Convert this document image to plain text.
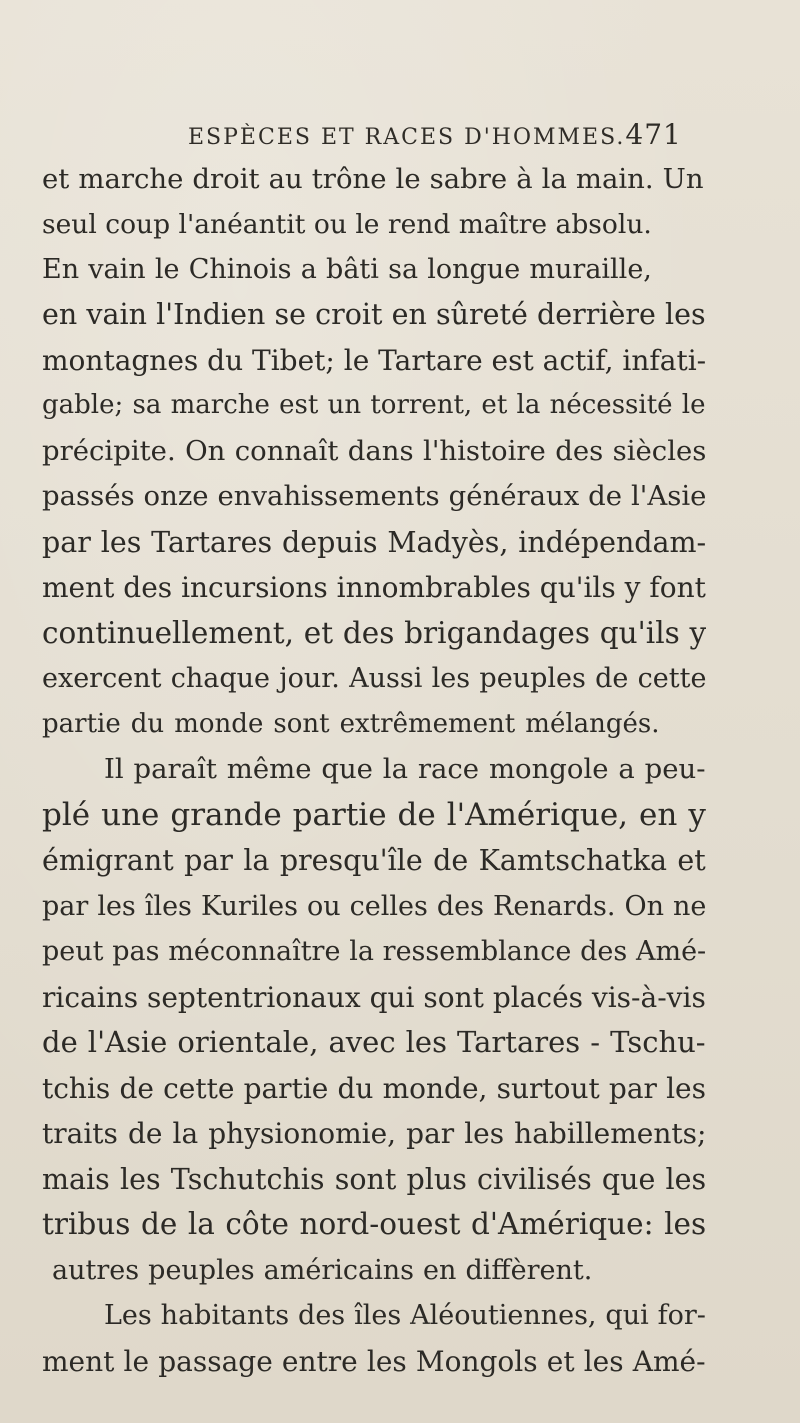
ESPÈCES ET RACES D'HOMMES. 471
et marche droit au trône le sabre à la main. Un
seul coup l'anéantit ou le rend maître absolu.
En vain le Chinois a bâti sa longue muraille,
en vain l'Indien se croit en sûreté derrière les
montagnes du Tibet; le Tartare est actif, infati-
gable; sa marche est un torrent, et la nécessité le
précipite. On connaît dans l'histoire des siècles
passés onze envahissements généraux de l'Asie
par les Tartares depuis Madyès, indépendam-
ment des incursions innombrables qu'ils y font
continuellement, et des brigandages qu'ils y
exercent chaque jour. Aussi les peuples de cette
partie du monde sont extrêmement mélangés.
Il paraît même que la race mongole a peu-
plé une grande partie de l'Amérique, en y
émigrant par la presqu'île de Kamtschatka et
par les îles Kuriles ou celles des Renards. On ne
peut pas méconnaître la ressemblance des Amé-
ricains septentrionaux qui sont placés vis-à-vis
de l'Asie orientale, avec les Tartares - Tschu-
tchis de cette partie du monde, surtout par les
traits de la physionomie, par les habillements;
mais les Tschutchis sont plus civilisés que les
tribus de la côte nord-ouest d'Amérique: les
autres peuples américains en diffèrent.
Les habitants des îles Aléoutiennes, qui for-
ment le passage entre les Mongols et les Amé-
